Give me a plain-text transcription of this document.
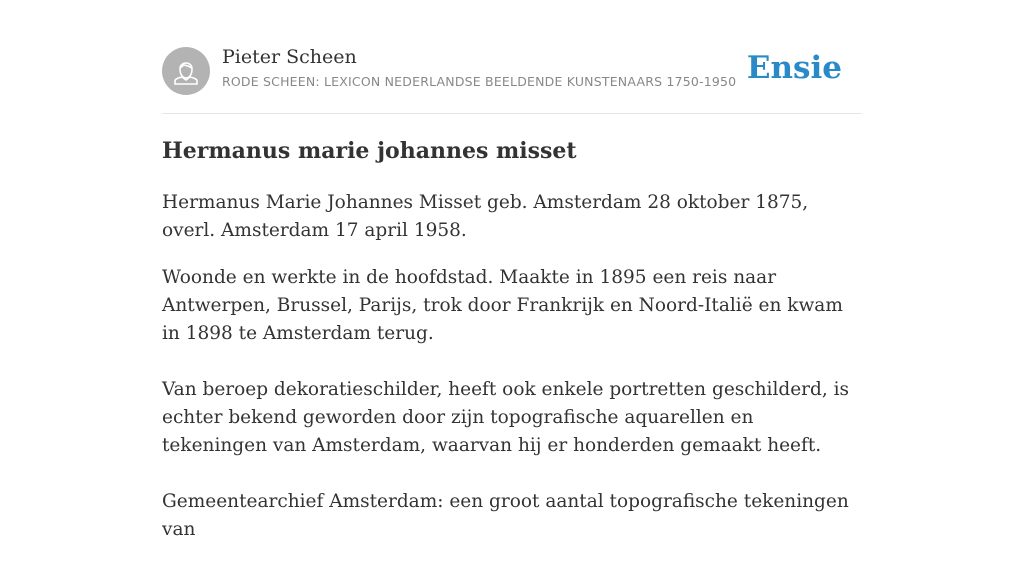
Pieter Scheen
RODE SCHEEN: LEXICON NEDERLANDSE BEELDENDE KUNSTENAARS 1750-1950 Ensie
Hermanus marie johannes misset

Hermanus Marie Johannes Misset geb. Amsterdam 28 oktober 1875, overl. Amsterdam 17 april 1958.

Woonde en werkte in de hoofdstad. Maakte in 1895 een reis naar Antwerpen, Brussel, Parijs, trok door Frankrijk en Noord-Italië en kwam in 1898 te Amsterdam terug.

Van beroep dekoratieschilder, heeft ook enkele portretten geschilderd, is echter bekend geworden door zijn topografische aquarellen en tekeningen van Amsterdam, waarvan hij er honderden gemaakt heeft.

Gemeentearchief Amsterdam: een groot aantal topografische tekeningen van
